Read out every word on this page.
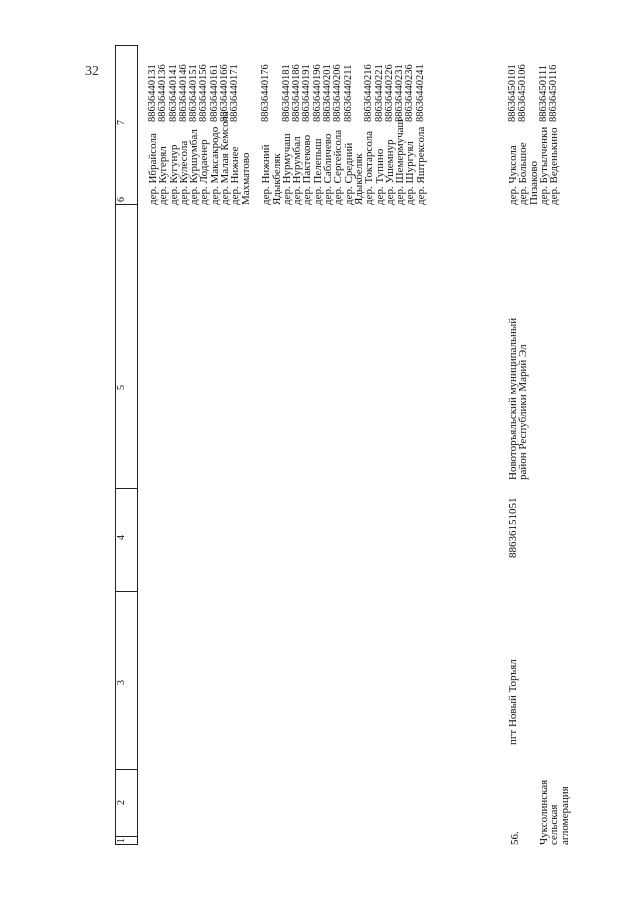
32
1
2
3
4
5
6
7
56. Чуксолинская
сельская
агломерация
пгт Новый Торъял
88636151051
Новоторъяльский муниципальный
район Республики Марий Эл
дер. Ибрайсола
дер. Кугерял
дер. Кугунур
дер. Кулесола
дер. Куршумбал
дер. Лодаенер
дер. Максакродо
дер. Малая Кемсола
дер. Нижнее
Махматово дер. Нижний
Ядыкбеляк
дер. Нурмучаш
дер. Нурумбал
дер. Пактеково
дер. Пелепыш
дер. Сабличево
дер. Сергейсола
дер. Средний
Ядыкбеляк
дер. Токтарсола
дер. Тупино
дер. Ушемнур
дер. Шемермучаш
дер. Шургуял
дер. Яштрексола
88636440131 88636440136 88636440141 88636440146 88636440151 88636440156 88636440161 88636440166 88636440171 88636440176 88636440181 88636440186 88636440191 88636440196 88636440201 88636440206 88636440211 88636440216 88636440221 88636440226 88636440231 88636440236 88636440241
дер. Чуксола
дер. Большое
Пизаково
дер. Бутылченки
дер. Веденькино
88636450101 88636450106 88636450111 88636450116
